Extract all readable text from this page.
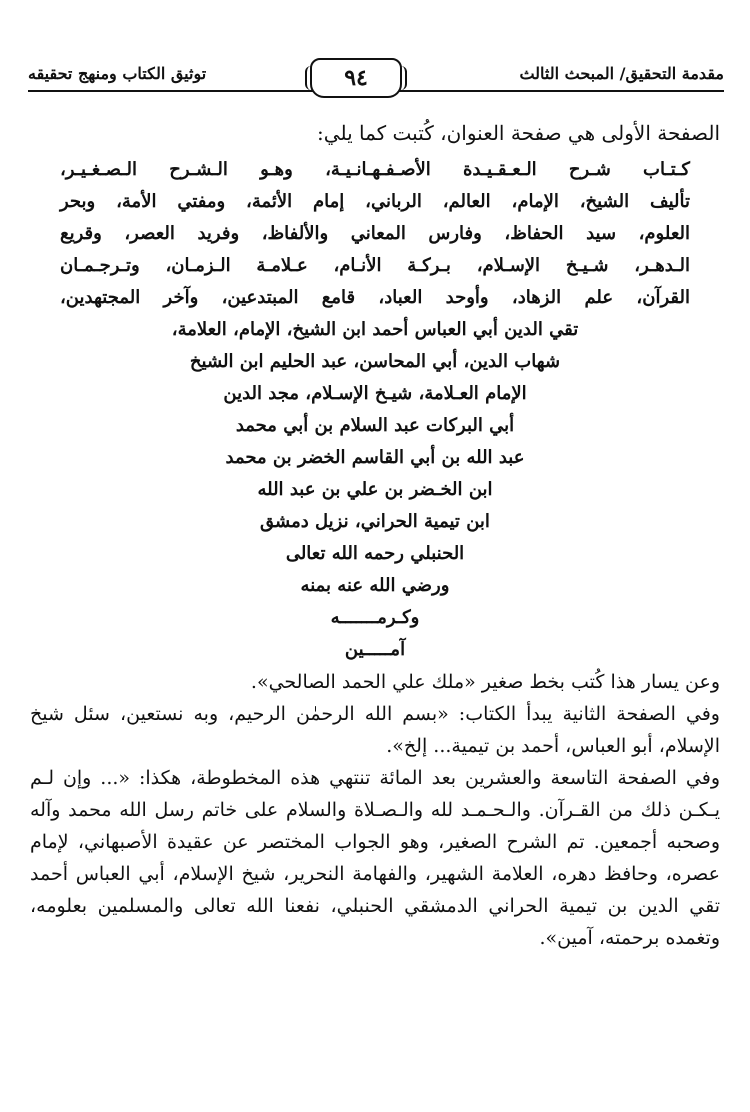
مقدمة التحقيق/ المبحث الثالث
توثيق الكتاب ومنهج تحقيقه	٩٤

الصفحة الأولى هي صفحة العنوان، كُتبت كما يلي:

كـتـاب شـرح الـعـقـيـدة الأصـفـهـانـيـة، وهـو الـشـرح الـصـغـيـر،
تأليف الشيخ، الإمام، العالم، الرباني، إمام الأئمة، ومفتي الأمة، وبحر
العلوم، سيد الحفاظ، وفارس المعاني والألفاظ، وفريد العصر، وقريع
الـدهـر، شـيـخ الإسـلام، بـركـة الأنـام، عـلامـة الـزمـان، وتـرجـمـان
القرآن، علم الزهاد، وأوحد العباد، قامع المبتدعين، وآخر المجتهدين،
تقي الدين أبي العباس أحمد ابن الشيخ، الإمام، العلامة،
شهاب الدين، أبي المحاسن، عبد الحليم ابن الشيخ
الإمام العـلامة، شيـخ الإسـلام، مجد الدين
أبي البركات عبد السلام بن أبي محمد
عبد الله بن أبي القاسم الخضر بن محمد
ابن الخـضر بن علي بن عبد الله
ابن تيمية الحراني، نزيل دمشق
الحنبلي رحمه الله تعالى
ورضي الله عنه بمنه
وكـرمـــــــه
آمـــــين

وعن يسار هذا كُتب بخط صغير «ملك علي الحمد الصالحي».

وفي الصفحة الثانية يبدأ الكتاب: «بسم الله الرحمٰن الرحيم، وبه نستعين، سئل شيخ الإسلام، أبو العباس، أحمد بن تيمية... إلخ».

وفي الصفحة التاسعة والعشرين بعد المائة تنتهي هذه المخطوطة، هكذا: «... وإن لـم يـكـن ذلك من القـرآن. والـحـمـد لله والـصـلاة والسلام على خاتم رسل الله محمد وآله وصحبه أجمعين. تم الشرح الصغير، وهو الجواب المختصر عن عقيدة الأصبهاني، لإمام عصره، وحافظ دهره، العلامة الشهير، والفهامة النحرير، شيخ الإسلام، أبي العباس أحمد تقي الدين بن تيمية الحراني الدمشقي الحنبلي، نفعنا الله تعالى والمسلمين بعلومه، وتغمده برحمته، آمين».
